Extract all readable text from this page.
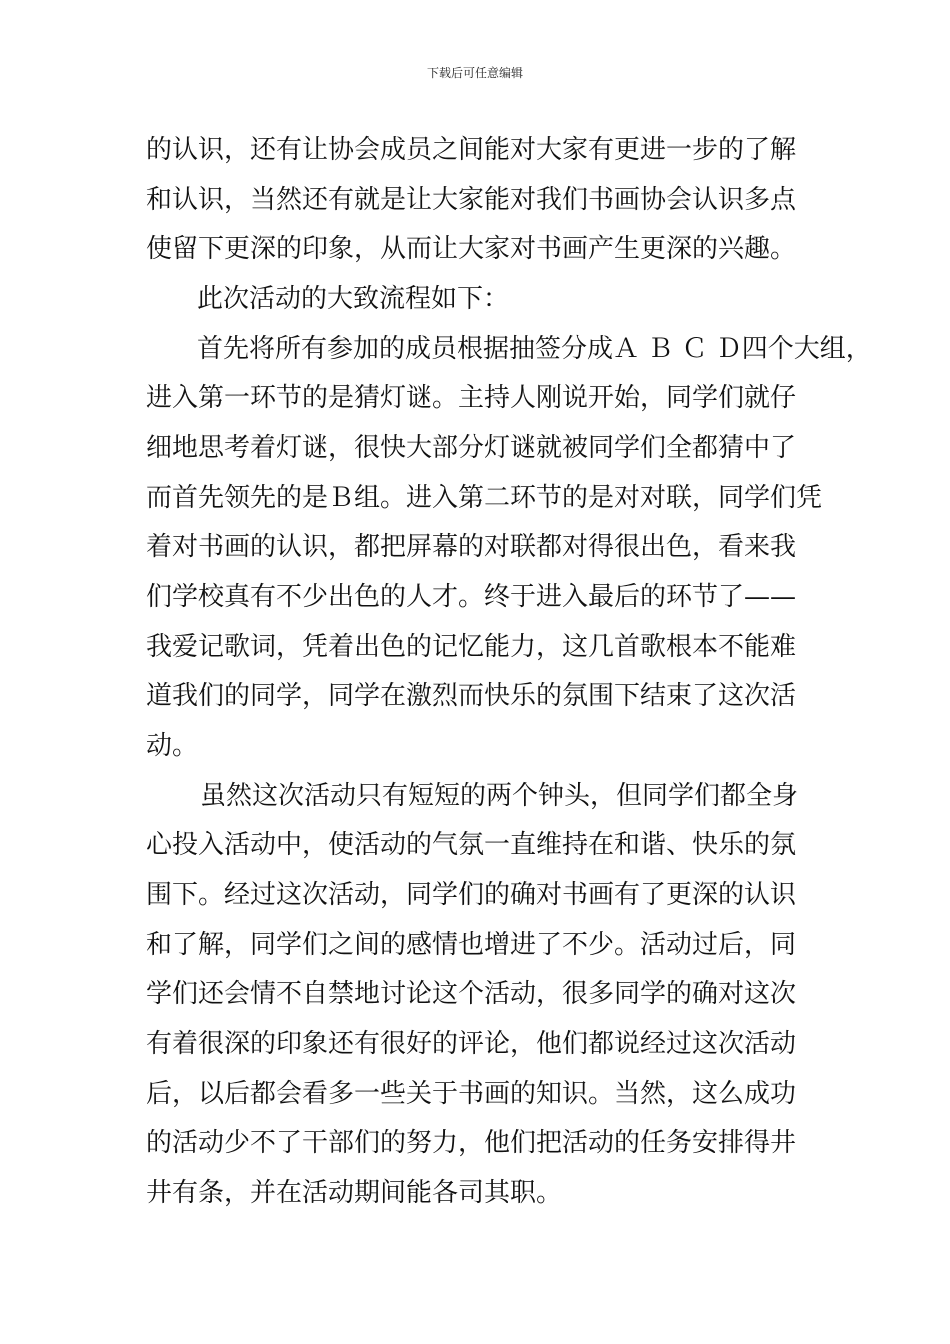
下载后可任意编辑
的认识，还有让协会成员之间能对大家有更进一步的了解
和认识，当然还有就是让大家能对我们书画协会认识多点
使留下更深的印象，从而让大家对书画产生更深的兴趣。
此次活动的大致流程如下：
首先将所有参加的成员根据抽签分成Ａ Ｂ Ｃ Ｄ四个大组，
进入第一环节的是猜灯谜。主持人刚说开始，同学们就仔
细地思考着灯谜，很快大部分灯谜就被同学们全都猜中了
而首先领先的是Ｂ组。进入第二环节的是对对联，同学们凭
着对书画的认识，都把屏幕的对联都对得很出色，看来我
们学校真有不少出色的人才。终于进入最后的环节了——
我爱记歌词，凭着出色的记忆能力，这几首歌根本不能难
道我们的同学，同学在激烈而快乐的氛围下结束了这次活
动。
虽然这次活动只有短短的两个钟头，但同学们都全身
心投入活动中，使活动的气氛一直维持在和谐、快乐的氛
围下。经过这次活动，同学们的确对书画有了更深的认识
和了解，同学们之间的感情也增进了不少。活动过后，同
学们还会情不自禁地讨论这个活动，很多同学的确对这次
有着很深的印象还有很好的评论，他们都说经过这次活动
后，以后都会看多一些关于书画的知识。当然，这么成功
的活动少不了干部们的努力，他们把活动的任务安排得井
井有条，并在活动期间能各司其职。
